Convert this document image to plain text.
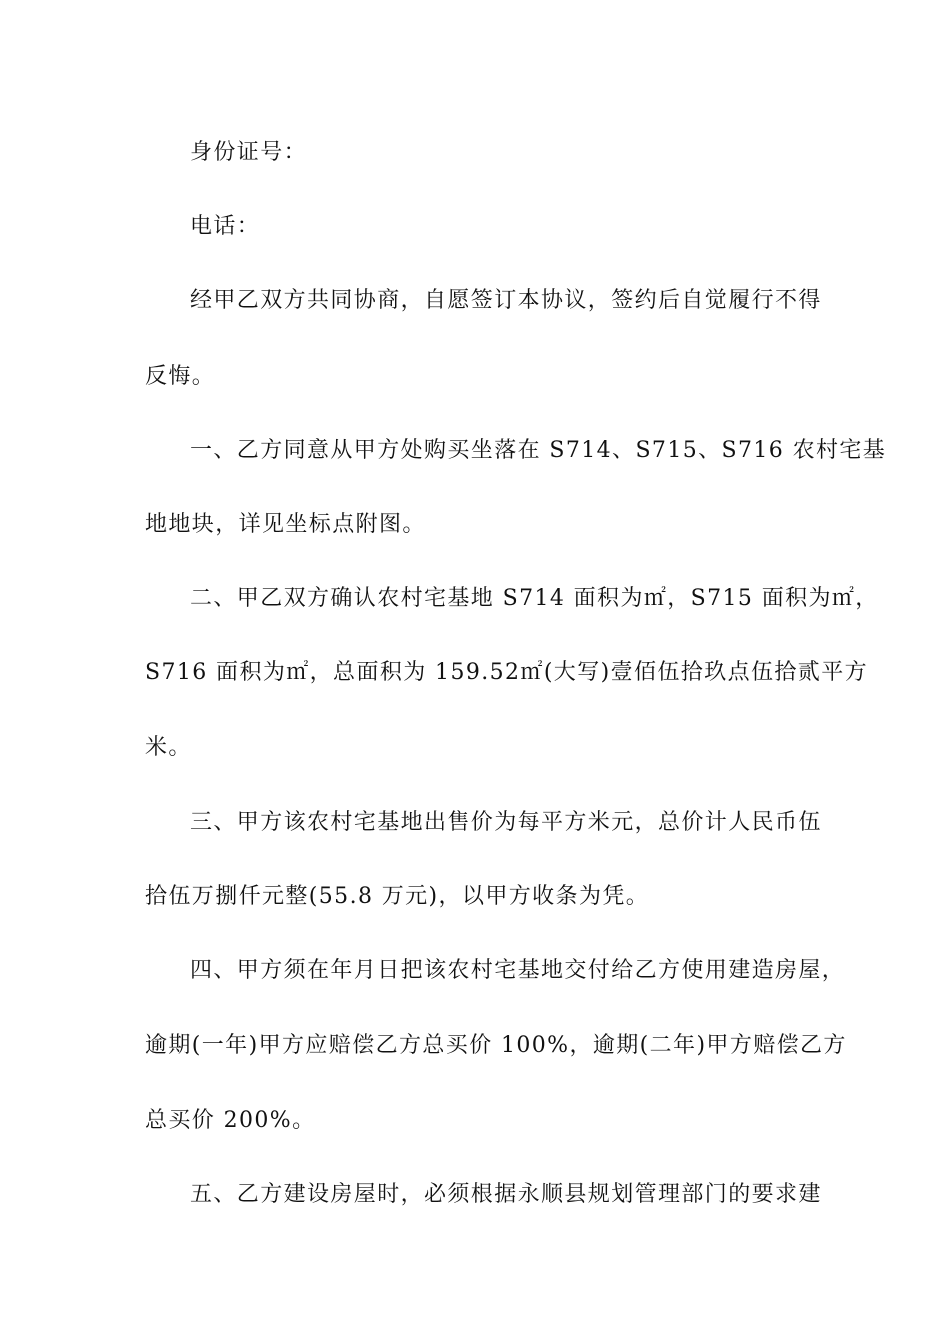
身份证号：
电话：
经甲乙双方共同协商，自愿签订本协议，签约后自觉履行不得
反悔。
一、乙方同意从甲方处购买坐落在 S714、S715、S716 农村宅基
地地块，详见坐标点附图。
二、甲乙双方确认农村宅基地 S714 面积为㎡，S715 面积为㎡，
S716 面积为㎡，总面积为 159.52㎡(大写)壹佰伍拾玖点伍拾贰平方
米。
三、甲方该农村宅基地出售价为每平方米元，总价计人民币伍
拾伍万捌仟元整(55.8 万元)，以甲方收条为凭。
四、甲方须在年月日把该农村宅基地交付给乙方使用建造房屋，
逾期(一年)甲方应赔偿乙方总买价 100%，逾期(二年)甲方赔偿乙方
总买价 200%。
五、乙方建设房屋时，必须根据永顺县规划管理部门的要求建
